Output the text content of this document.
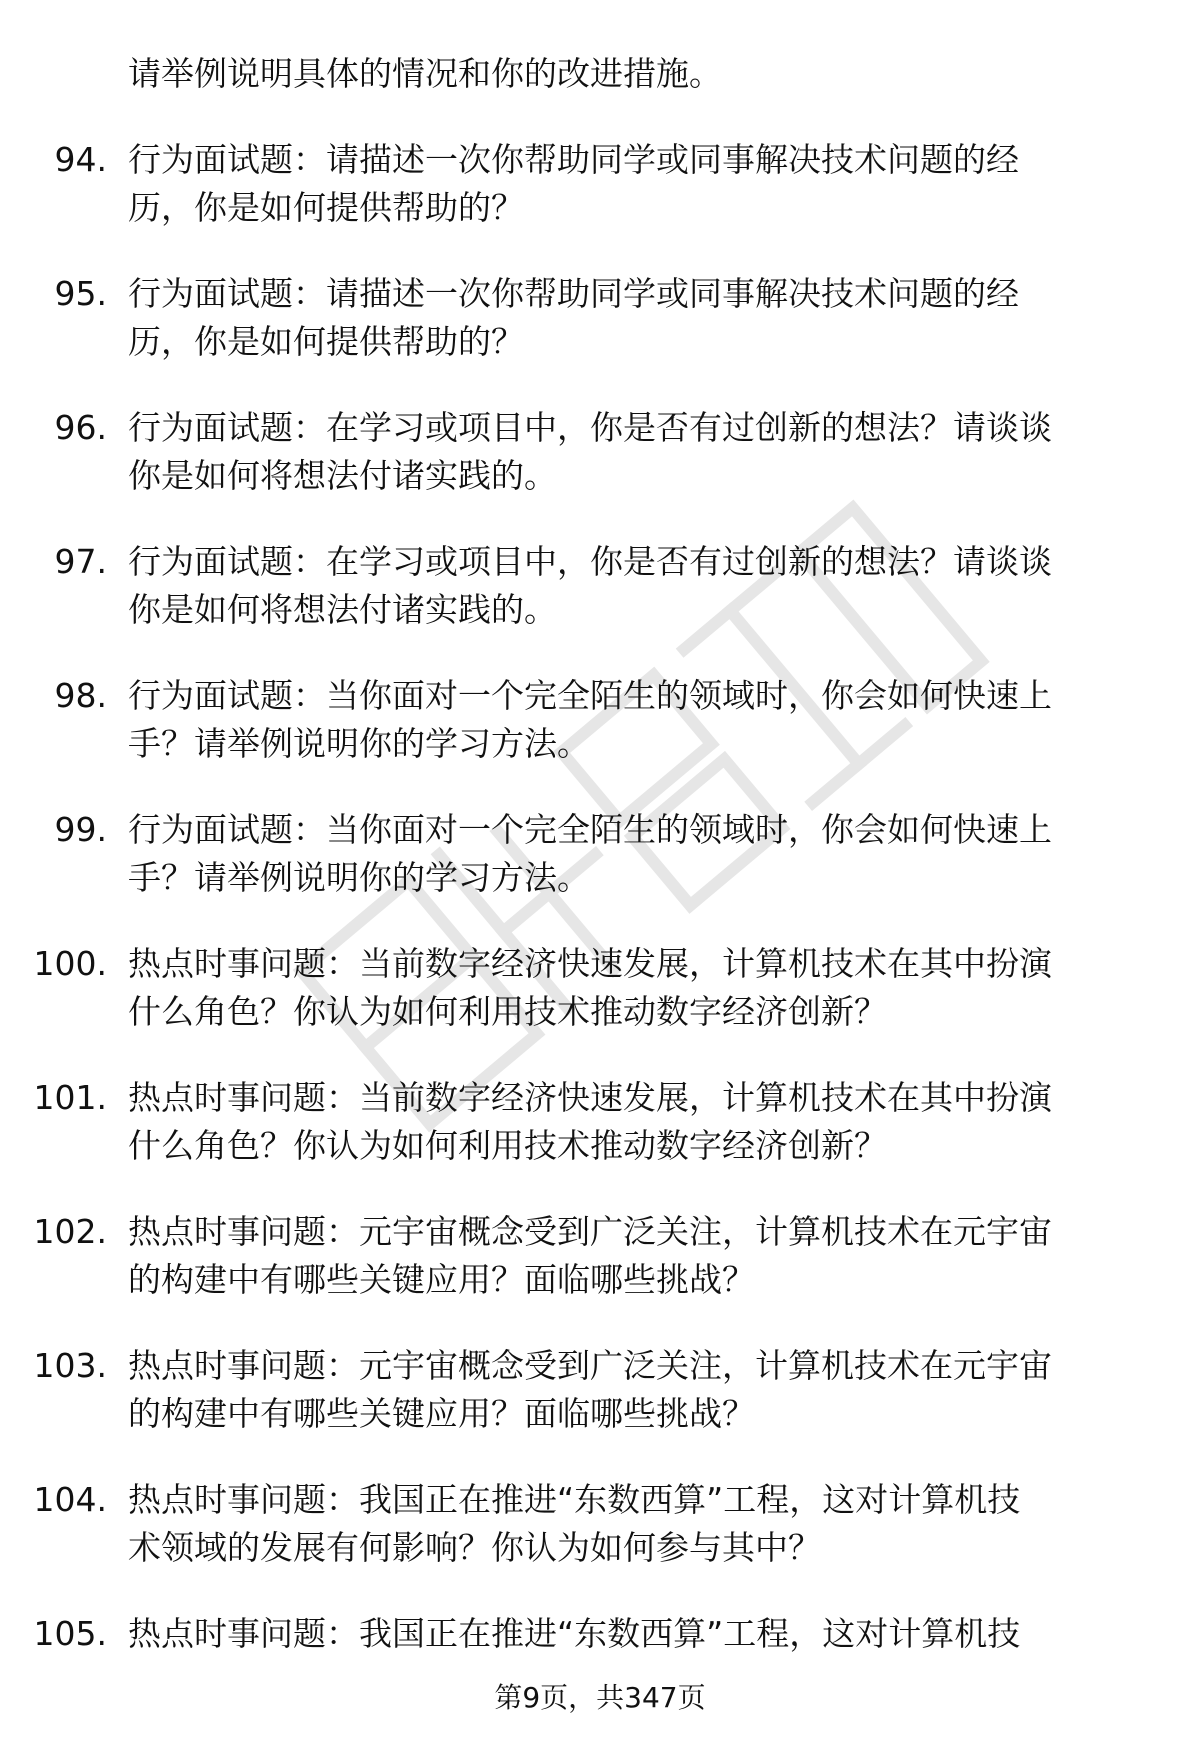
请举例说明具体的情况和你的改进措施。
94. 行为面试题：请描述一次你帮助同学或同事解决技术问题的经
历，你是如何提供帮助的？
95. 行为面试题：请描述一次你帮助同学或同事解决技术问题的经
历，你是如何提供帮助的？
96. 行为面试题：在学习或项目中，你是否有过创新的想法？请谈谈
你是如何将想法付诸实践的。
97. 行为面试题：在学习或项目中，你是否有过创新的想法？请谈谈
你是如何将想法付诸实践的。
98. 行为面试题：当你面对一个完全陌生的领域时，你会如何快速上
手？请举例说明你的学习方法。
99. 行为面试题：当你面对一个完全陌生的领域时，你会如何快速上
手？请举例说明你的学习方法。
100. 热点时事问题：当前数字经济快速发展，计算机技术在其中扮演
什么角色？你认为如何利用技术推动数字经济创新？
101. 热点时事问题：当前数字经济快速发展，计算机技术在其中扮演
什么角色？你认为如何利用技术推动数字经济创新？
102. 热点时事问题：元宇宙概念受到广泛关注，计算机技术在元宇宙
的构建中有哪些关键应用？面临哪些挑战？
103. 热点时事问题：元宇宙概念受到广泛关注，计算机技术在元宇宙
的构建中有哪些关键应用？面临哪些挑战？
104. 热点时事问题：我国正在推进“东数西算”工程，这对计算机技
术领域的发展有何影响？你认为如何参与其中？
105. 热点时事问题：我国正在推进“东数西算”工程，这对计算机技
第9页，共347页
